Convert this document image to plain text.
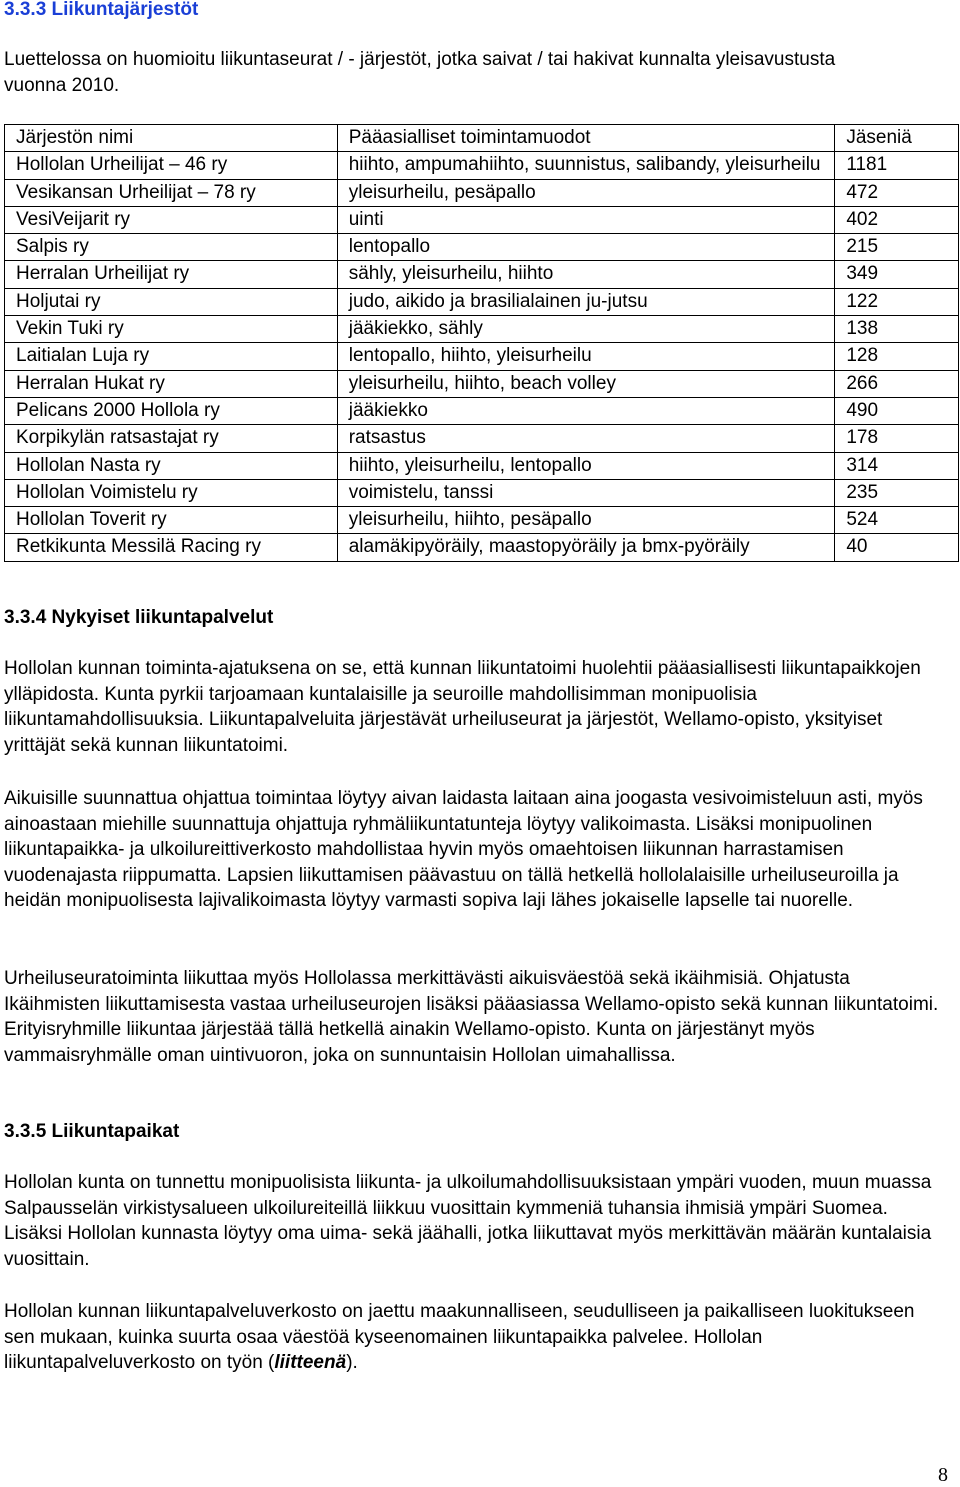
3.3.3 Liikuntajärjestöt

Luettelossa on huomioitu liikuntaseurat / - järjestöt, jotka saivat / tai hakivat kunnalta yleisavustusta vuonna 2010.

Järjestön nimi	Pääasialliset toimintamuodot	Jäseniä
Hollolan Urheilijat – 46 ry	hiihto, ampumahiihto, suunnistus, salibandy, yleisurheilu	1181
Vesikansan Urheilijat – 78 ry	yleisurheilu, pesäpallo	472
VesiVeijarit ry	uinti	402
Salpis ry	lentopallo	215
Herralan Urheilijat ry	sähly, yleisurheilu, hiihto	349
Holjutai ry	judo, aikido ja brasilialainen ju-jutsu	122
Vekin Tuki ry	jääkiekko, sähly	138
Laitialan Luja ry	lentopallo, hiihto, yleisurheilu	128
Herralan Hukat ry	yleisurheilu, hiihto, beach volley	266
Pelicans 2000 Hollola ry	jääkiekko	490
Korpikylän ratsastajat ry	ratsastus	178
Hollolan Nasta ry	hiihto, yleisurheilu, lentopallo	314
Hollolan Voimistelu ry	voimistelu, tanssi	235
Hollolan Toverit ry	yleisurheilu, hiihto, pesäpallo	524
Retkikunta Messilä Racing ry	alamäkipyöräily, maastopyöräily ja bmx-pyöräily	40
3.3.4 Nykyiset liikuntapalvelut

Hollolan kunnan toiminta-ajatuksena on se, että kunnan liikuntatoimi huolehtii pääasiallisesti liikuntapaikkojen ylläpidosta. Kunta pyrkii tarjoamaan kuntalaisille ja seuroille mahdollisimman monipuolisia liikuntamahdollisuuksia. Liikuntapalveluita järjestävät urheiluseurat ja järjestöt, Wellamo-opisto, yksityiset yrittäjät sekä kunnan liikuntatoimi.

Aikuisille suunnattua ohjattua toimintaa löytyy aivan laidasta laitaan aina joogasta vesivoimisteluun asti, myös ainoastaan miehille suunnattuja ohjattuja ryhmäliikuntatunteja löytyy valikoimasta. Lisäksi monipuolinen liikuntapaikka- ja ulkoilureittiverkosto mahdollistaa hyvin myös omaehtoisen liikunnan harrastamisen vuodenajasta riippumatta. Lapsien liikuttamisen päävastuu on tällä hetkellä hollolalaisille urheiluseuroilla ja heidän monipuolisesta lajivalikoimasta löytyy varmasti sopiva laji lähes jokaiselle lapselle tai nuorelle.

Urheiluseuratoiminta liikuttaa myös Hollolassa merkittävästi aikuisväestöä sekä ikäihmisiä. Ohjatusta Ikäihmisten liikuttamisesta vastaa urheiluseurojen lisäksi pääasiassa Wellamo-opisto sekä kunnan liikuntatoimi. Erityisryhmille liikuntaa järjestää tällä hetkellä ainakin Wellamo-opisto. Kunta on järjestänyt myös vammaisryhmälle oman uintivuoron, joka on sunnuntaisin Hollolan uimahallissa.

3.3.5 Liikuntapaikat

Hollolan kunta on tunnettu monipuolisista liikunta- ja ulkoilumahdollisuuksistaan ympäri vuoden, muun muassa Salpausselän virkistysalueen ulkoilureiteillä liikkuu vuosittain kymmeniä tuhansia ihmisiä ympäri Suomea. Lisäksi Hollolan kunnasta löytyy oma uima- sekä jäähalli, jotka liikuttavat myös merkittävän määrän kuntalaisia vuosittain.

Hollolan kunnan liikuntapalveluverkosto on jaettu maakunnalliseen, seudulliseen ja paikalliseen luokitukseen sen mukaan, kuinka suurta osaa väestöä kyseenomainen liikuntapaikka palvelee. Hollolan liikuntapalveluverkosto on työn (liitteenä).

8
